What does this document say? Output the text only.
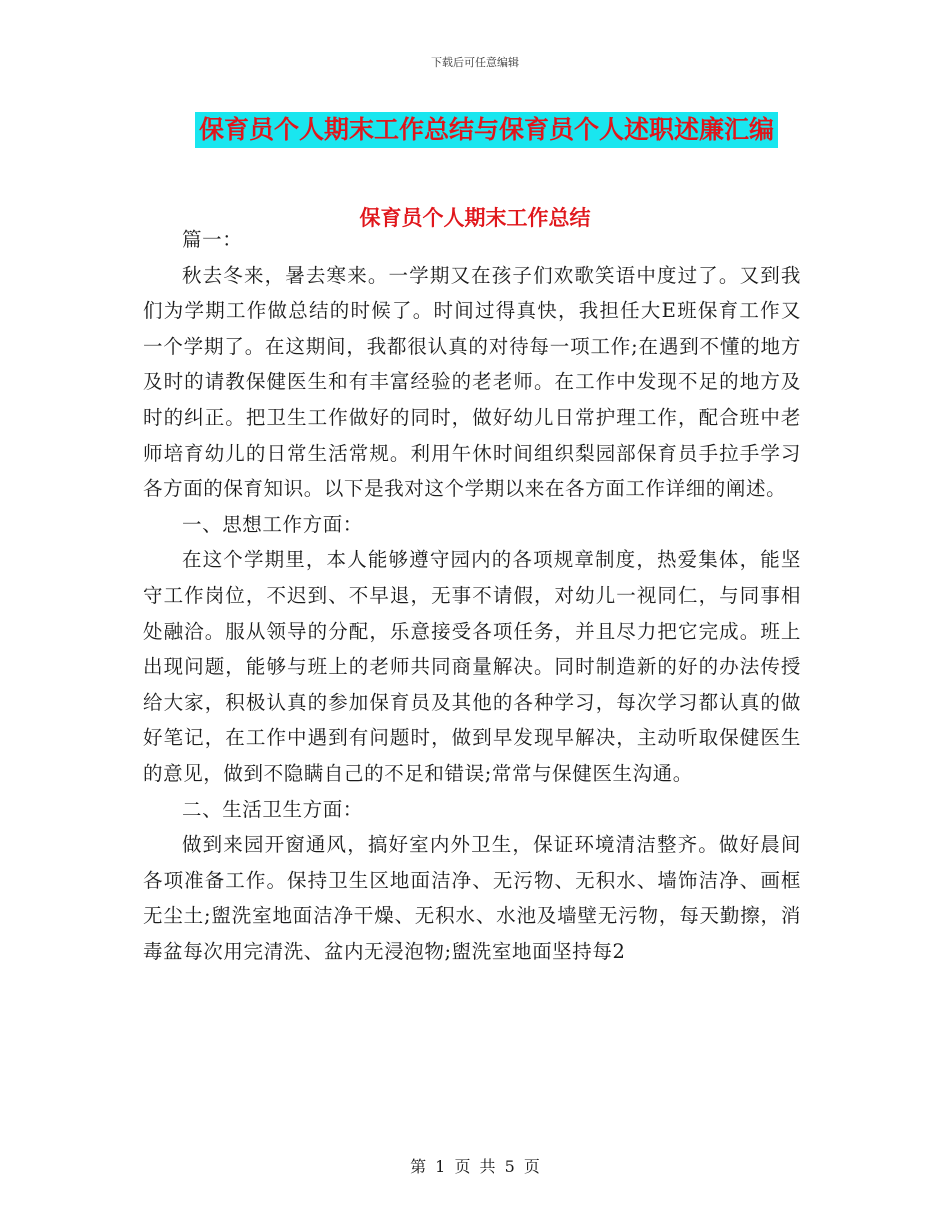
下载后可任意编辑
保育员个人期末工作总结与保育员个人述职述廉汇编
保育员个人期末工作总结

篇一：

秋去冬来，暑去寒来。一学期又在孩子们欢歌笑语中度过了。又到我们为学期工作做总结的时候了。时间过得真快，我担任大E班保育工作又一个学期了。在这期间，我都很认真的对待每一项工作;在遇到不懂的地方及时的请教保健医生和有丰富经验的老老师。在工作中发现不足的地方及时的纠正。把卫生工作做好的同时，做好幼儿日常护理工作，配合班中老师培育幼儿的日常生活常规。利用午休时间组织梨园部保育员手拉手学习各方面的保育知识。以下是我对这个学期以来在各方面工作详细的阐述。

一、思想工作方面：

在这个学期里，本人能够遵守园内的各项规章制度，热爱集体，能坚守工作岗位，不迟到、不早退，无事不请假，对幼儿一视同仁，与同事相处融洽。服从领导的分配，乐意接受各项任务，并且尽力把它完成。班上出现问题，能够与班上的老师共同商量解决。同时制造新的好的办法传授给大家，积极认真的参加保育员及其他的各种学习，每次学习都认真的做好笔记，在工作中遇到有问题时，做到早发现早解决，主动听取保健医生的意见，做到不隐瞒自己的不足和错误;常常与保健医生沟通。

二、生活卫生方面：

做到来园开窗通风，搞好室内外卫生，保证环境清洁整齐。做好晨间各项准备工作。保持卫生区地面洁净、无污物、无积水、墙饰洁净、画框无尘土;盥洗室地面洁净干燥、无积水、水池及墙壁无污物，每天勤擦，消毒盆每次用完清洗、盆内无浸泡物;盥洗室地面坚持每2

第 1 页 共 5 页
